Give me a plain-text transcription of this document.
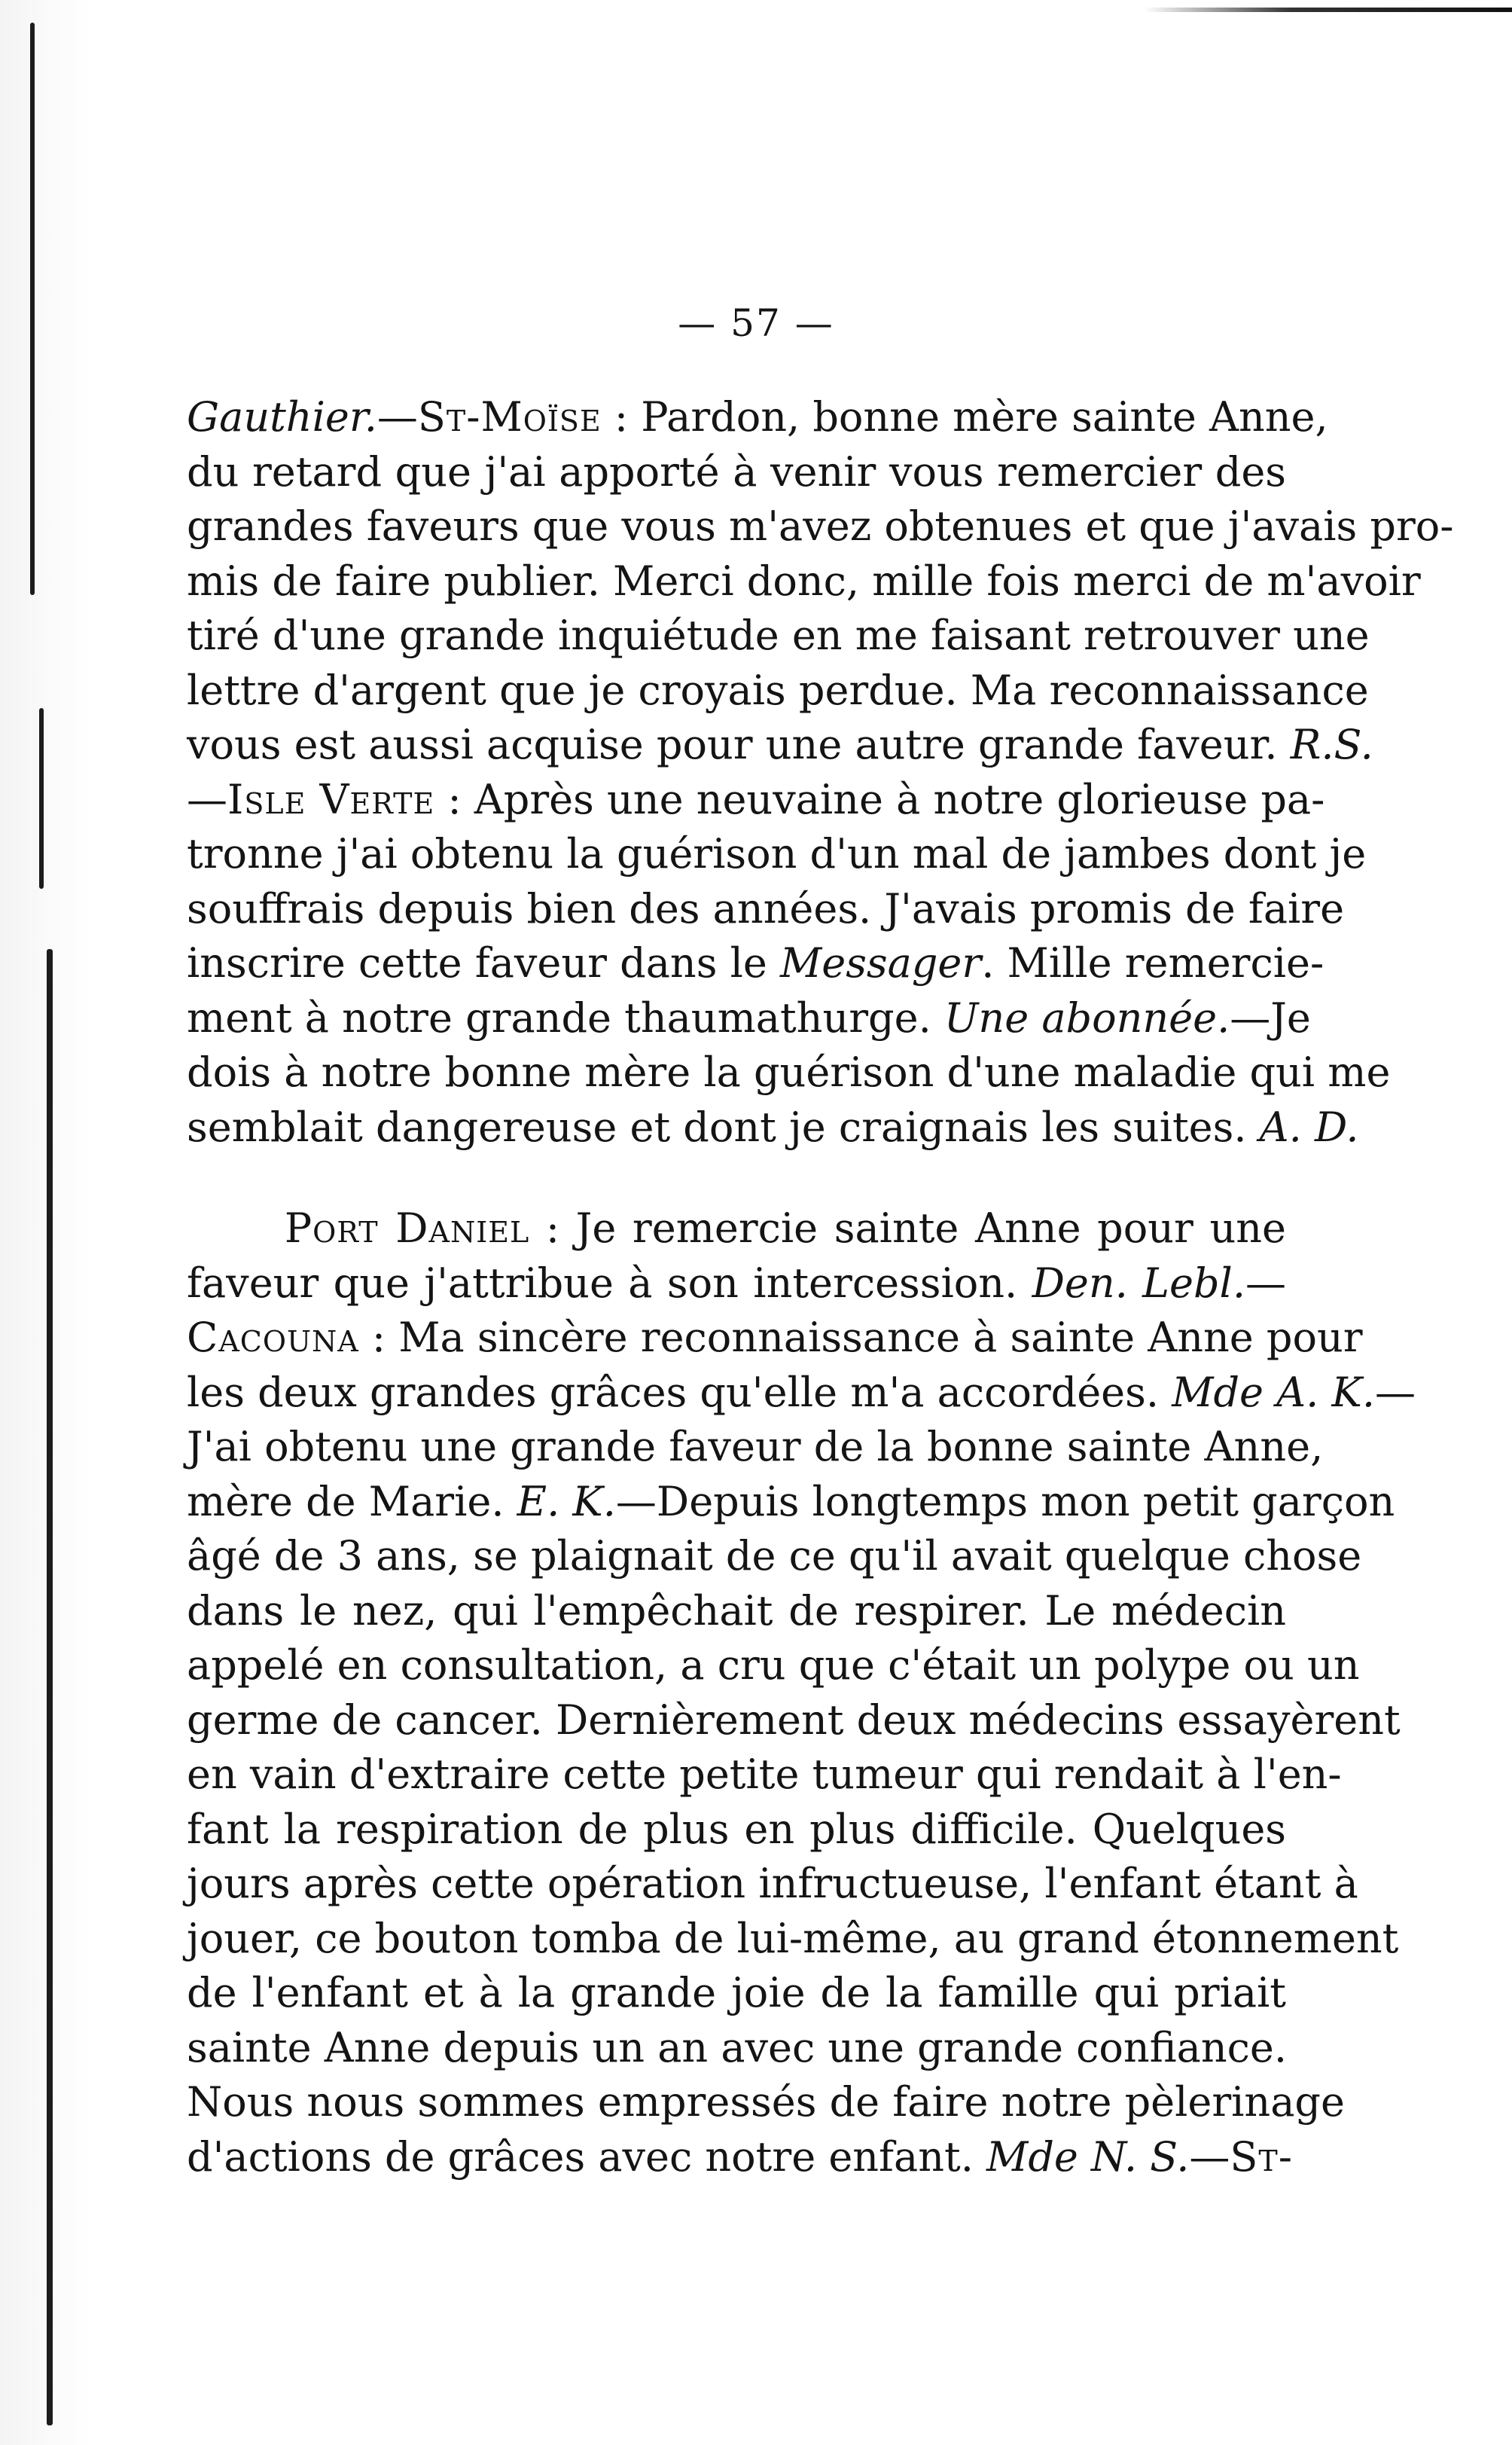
— 57 —
Gauthier.—St-Moïse : Pardon, bonne mère sainte Anne,
du retard que j'ai apporté à venir vous remercier des
grandes faveurs que vous m'avez obtenues et que j'avais pro-
mis de faire publier. Merci donc, mille fois merci de m'avoir
tiré d'une grande inquiétude en me faisant retrouver une
lettre d'argent que je croyais perdue. Ma reconnaissance
vous est aussi acquise pour une autre grande faveur. R.S.
—Isle Verte : Après une neuvaine à notre glorieuse pa-
tronne j'ai obtenu la guérison d'un mal de jambes dont je
souffrais depuis bien des années. J'avais promis de faire
inscrire cette faveur dans le Messager. Mille remercie-
ment à notre grande thaumathurge. Une abonnée.—Je
dois à notre bonne mère la guérison d'une maladie qui me
semblait dangereuse et dont je craignais les suites. A. D.
Port Daniel : Je remercie sainte Anne pour une
faveur que j'attribue à son intercession. Den. Lebl.—
Cacouna : Ma sincère reconnaissance à sainte Anne pour
les deux grandes grâces qu'elle m'a accordées. Mde A. K.—
J'ai obtenu une grande faveur de la bonne sainte Anne,
mère de Marie. E. K.—Depuis longtemps mon petit garçon
âgé de 3 ans, se plaignait de ce qu'il avait quelque chose
dans le nez, qui l'empêchait de respirer. Le médecin
appelé en consultation, a cru que c'était un polype ou un
germe de cancer. Dernièrement deux médecins essayèrent
en vain d'extraire cette petite tumeur qui rendait à l'en-
fant la respiration de plus en plus difficile. Quelques
jours après cette opération infructueuse, l'enfant étant à
jouer, ce bouton tomba de lui-même, au grand étonnement
de l'enfant et à la grande joie de la famille qui priait
sainte Anne depuis un an avec une grande confiance.
Nous nous sommes empressés de faire notre pèlerinage
d'actions de grâces avec notre enfant. Mde N. S.—St-
